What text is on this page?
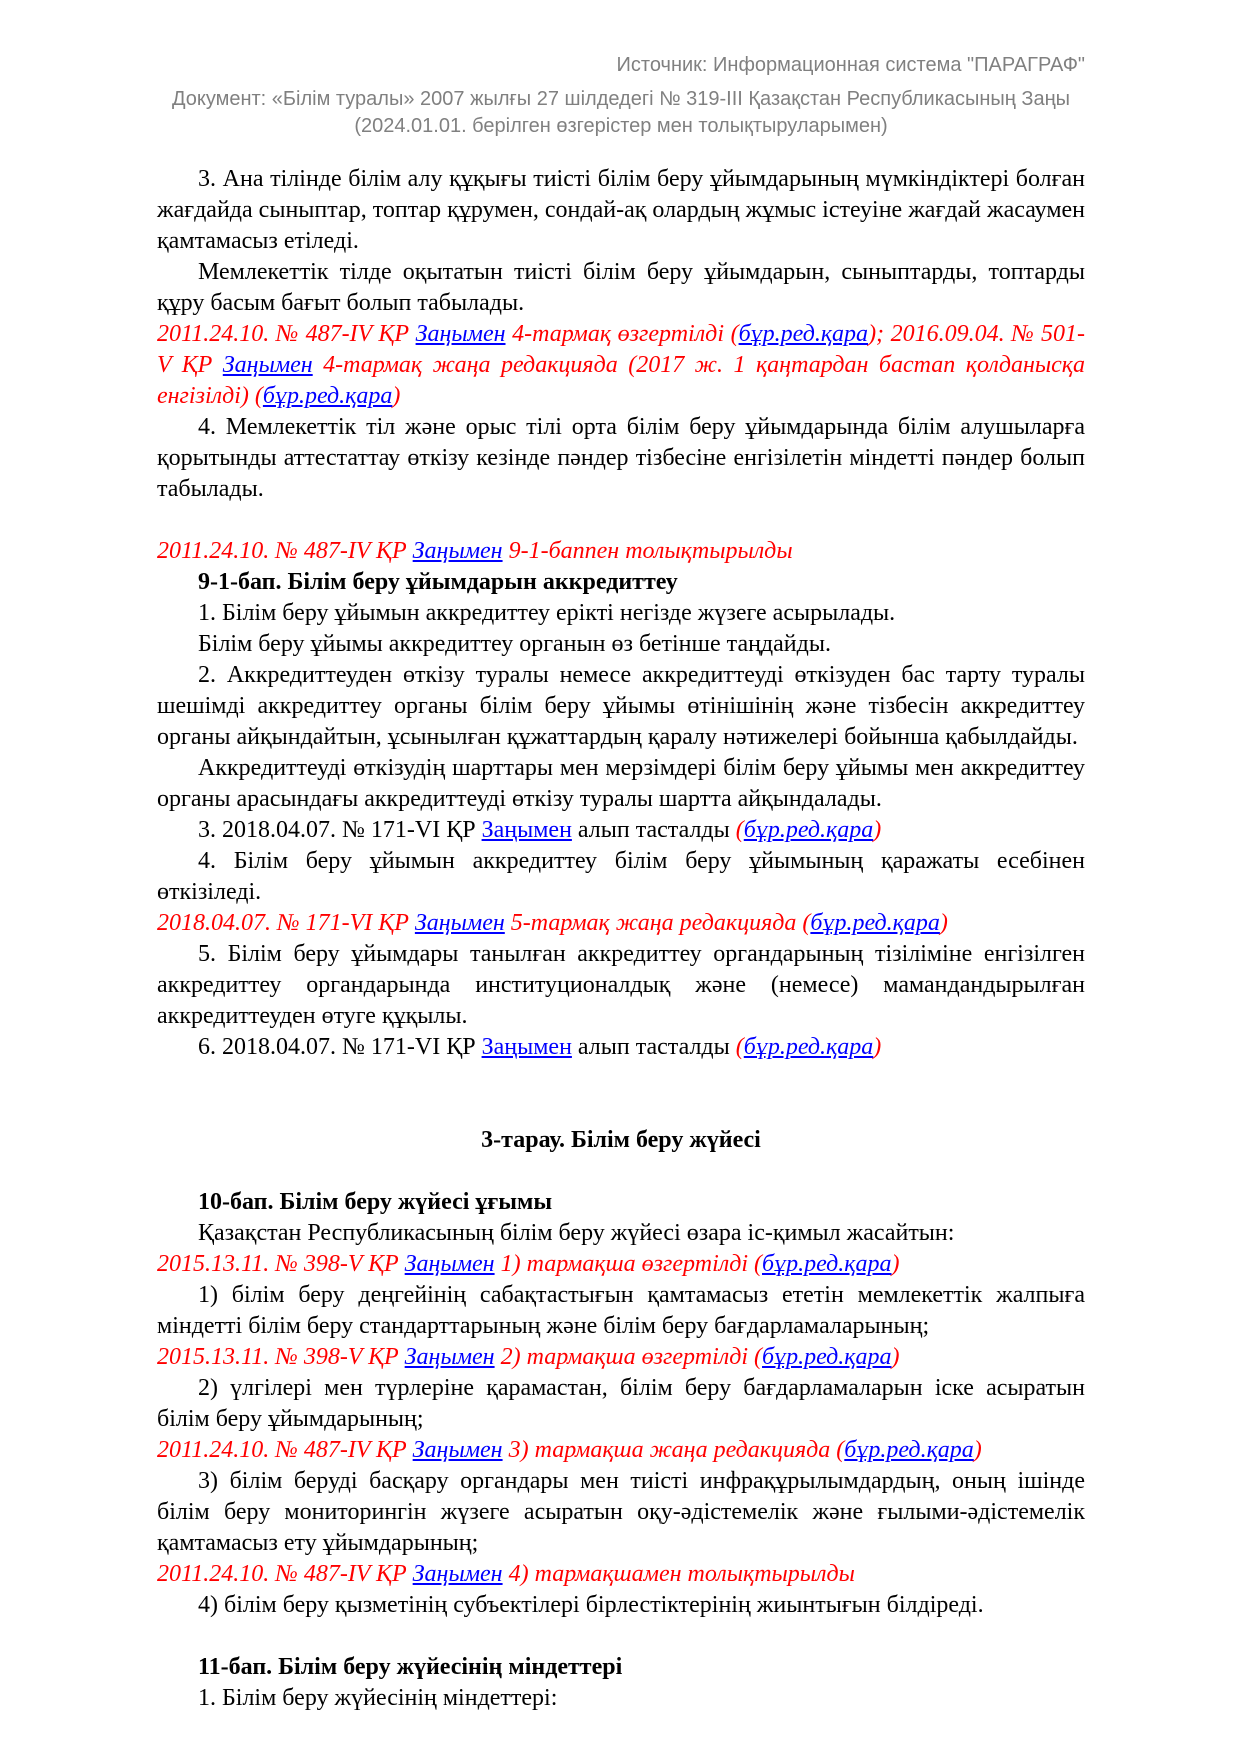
Источник: Информационная система "ПАРАГРАФ"
Документ: «Білім туралы» 2007 жылғы 27 шілдедегі № 319-III Қазақстан Республикасының Заңы
(2024.01.01. берілген өзгерістер мен толықтыруларымен)
3. Ана тілінде білім алу құқығы тиісті білім беру ұйымдарының мүмкіндіктері болған жағдайда сыныптар, топтар құрумен, сондай-ақ олардың жұмыс істеуіне жағдай жасаумен қамтамасыз етіледі.
Мемлекеттік тілде оқытатын тиісті білім беру ұйымдарын, сыныптарды, топтарды құру басым бағыт болып табылады.
2011.24.10. № 487-IV ҚР Заңымен 4-тармақ өзгертілді (бұр.ред.қара); 2016.09.04. № 501-V ҚР Заңымен 4-тармақ жаңа редакцияда (2017 ж. 1 қаңтардан бастап қолданысқа енгізілді) (бұр.ред.қара)
4. Мемлекеттік тіл және орыс тілі орта білім беру ұйымдарында білім алушыларға қорытынды аттестаттау өткізу кезінде пәндер тізбесіне енгізілетін міндетті пәндер болып табылады.
2011.24.10. № 487-IV ҚР Заңымен 9-1-баппен толықтырылды
9-1-бап. Білім беру ұйымдарын аккредиттеу
1. Білім беру ұйымын аккредиттеу ерікті негізде жүзеге асырылады.
Білім беру ұйымы аккредиттеу органын өз бетінше таңдайды.
2. Аккредиттеуден өткізу туралы немесе аккредиттеуді өткізуден бас тарту туралы шешімді аккредиттеу органы білім беру ұйымы өтінішінің және тізбесін аккредиттеу органы айқындайтын, ұсынылған құжаттардың қаралу нәтижелері бойынша қабылдайды.
Аккредиттеуді өткізудің шарттары мен мерзімдері білім беру ұйымы мен аккредиттеу органы арасындағы аккредиттеуді өткізу туралы шартта айқындалады.
3. 2018.04.07. № 171-VI ҚР Заңымен алып тасталды (бұр.ред.қара)
4. Білім беру ұйымын аккредиттеу білім беру ұйымының қаражаты есебінен өткізіледі.
2018.04.07. № 171-VI ҚР Заңымен 5-тармақ жаңа редакцияда (бұр.ред.қара)
5. Білім беру ұйымдары танылған аккредиттеу органдарының тізіліміне енгізілген аккредиттеу органдарында институционалдық және (немесе) мамандандырылған аккредиттеуден өтуге құқылы.
6. 2018.04.07. № 171-VI ҚР Заңымен алып тасталды (бұр.ред.қара)
3-тарау. Білім беру жүйесі
10-бап. Білім беру жүйесі ұғымы
Қазақстан Республикасының білім беру жүйесі өзара іс-қимыл жасайтын:
2015.13.11. № 398-V ҚР Заңымен 1) тармақша өзгертілді (бұр.ред.қара)
1) білім беру деңгейінің сабақтастығын қамтамасыз ететін мемлекеттік жалпыға міндетті білім беру стандарттарының және білім беру бағдарламаларының;
2015.13.11. № 398-V ҚР Заңымен 2) тармақша өзгертілді (бұр.ред.қара)
2) үлгілері мен түрлеріне қарамастан, білім беру бағдарламаларын іске асыратын білім беру ұйымдарының;
2011.24.10. № 487-IV ҚР Заңымен 3) тармақша жаңа редакцияда (бұр.ред.қара)
3) білім беруді басқару органдары мен тиісті инфрақұрылымдардың, оның ішінде білім беру мониторингін жүзеге асыратын оқу-әдістемелік және ғылыми-әдістемелік қамтамасыз ету ұйымдарының;
2011.24.10. № 487-IV ҚР Заңымен 4) тармақшамен толықтырылды
4) білім беру қызметінің субъектілері бірлестіктерінің жиынтығын білдіреді.
11-бап. Білім беру жүйесінің міндеттері
1. Білім беру жүйесінің міндеттері:
